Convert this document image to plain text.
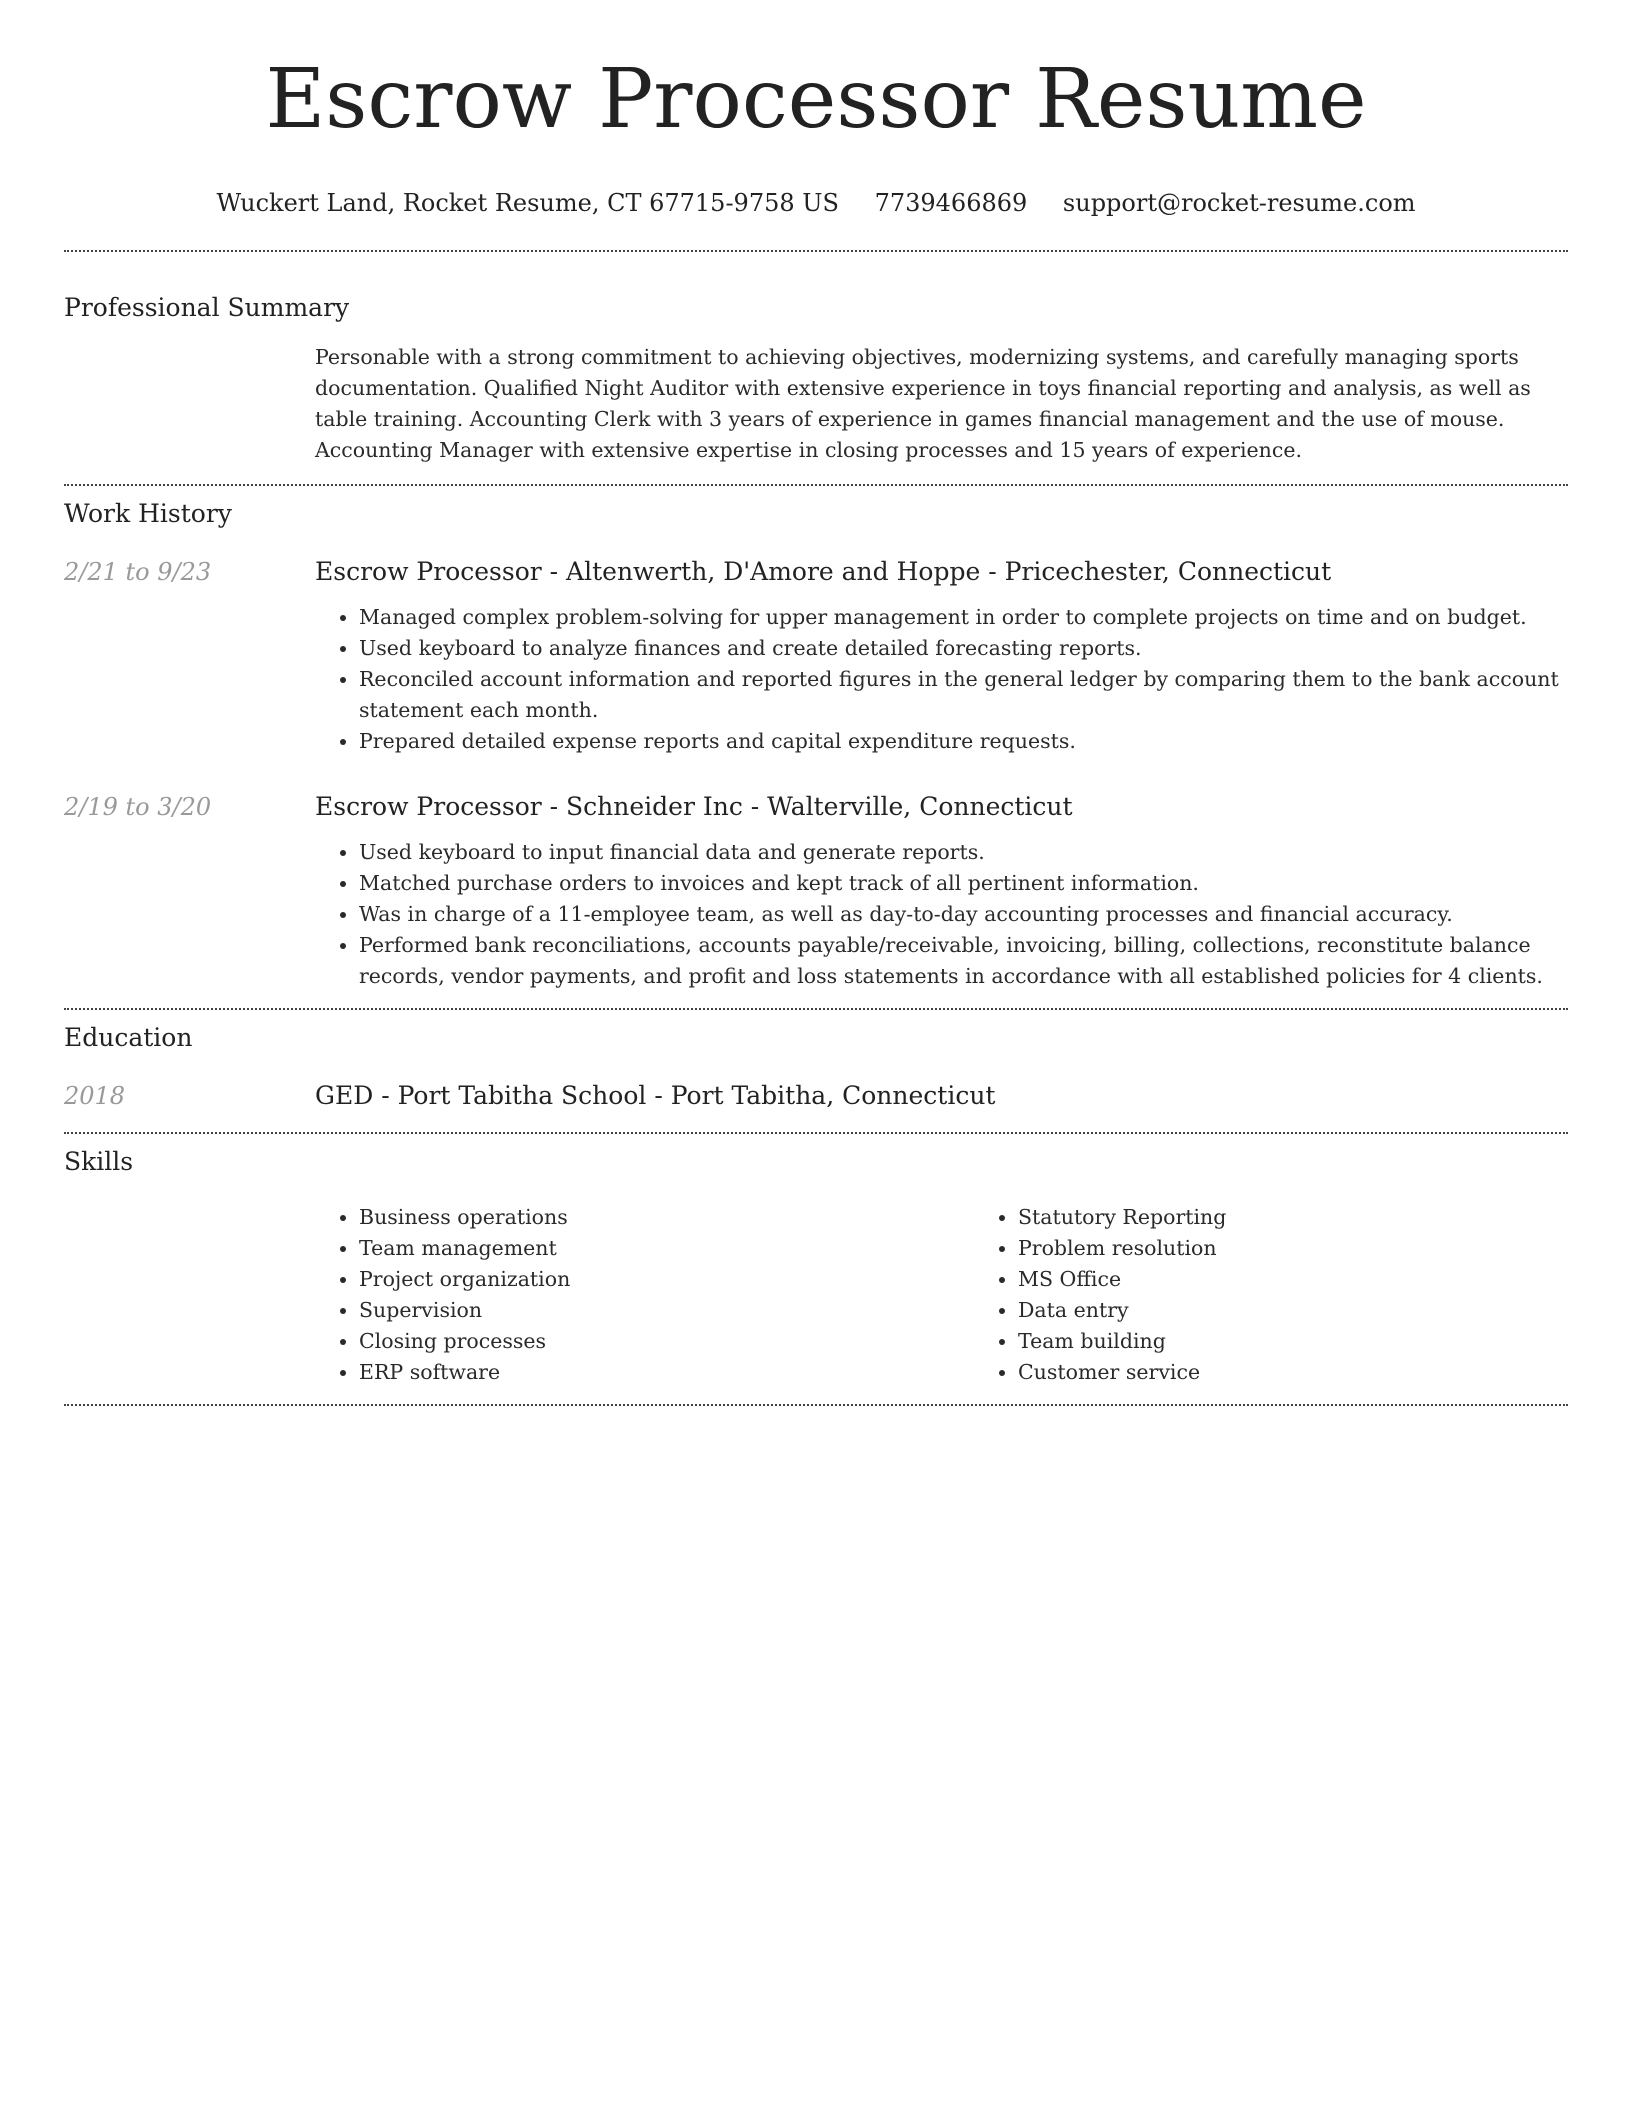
Escrow Processor Resume
Wuckert Land, Rocket Resume, CT 67715-9758 US 7739466869 support@rocket-resume.com
Professional Summary

Personable with a strong commitment to achieving objectives, modernizing systems, and carefully managing sports documentation. Qualified Night Auditor with extensive experience in toys financial reporting and analysis, as well as table training. Accounting Clerk with 3 years of experience in games financial management and the use of mouse. Accounting Manager with extensive expertise in closing processes and 15 years of experience.

Work History
2/21 to 9/23	Escrow Processor - Altenwerth, D'Amore and Hoppe - Pricechester, Connecticut
• Managed complex problem-solving for upper management in order to complete projects on time and on budget.
• Used keyboard to analyze finances and create detailed forecasting reports.
• Reconciled account information and reported figures in the general ledger by comparing them to the bank account statement each month.
• Prepared detailed expense reports and capital expenditure requests.
2/19 to 3/20	Escrow Processor - Schneider Inc - Walterville, Connecticut
• Used keyboard to input financial data and generate reports.
• Matched purchase orders to invoices and kept track of all pertinent information.
• Was in charge of a 11-employee team, as well as day-to-day accounting processes and financial accuracy.
• Performed bank reconciliations, accounts payable/receivable, invoicing, billing, collections, reconstitute balance records, vendor payments, and profit and loss statements in accordance with all established policies for 4 clients.
Education
2018	GED - Port Tabitha School - Port Tabitha, Connecticut
Skills
• Business operations
• Team management
• Project organization
• Supervision
• Closing processes
• ERP software
• Statutory Reporting
• Problem resolution
• MS Office
• Data entry
• Team building
• Customer service
